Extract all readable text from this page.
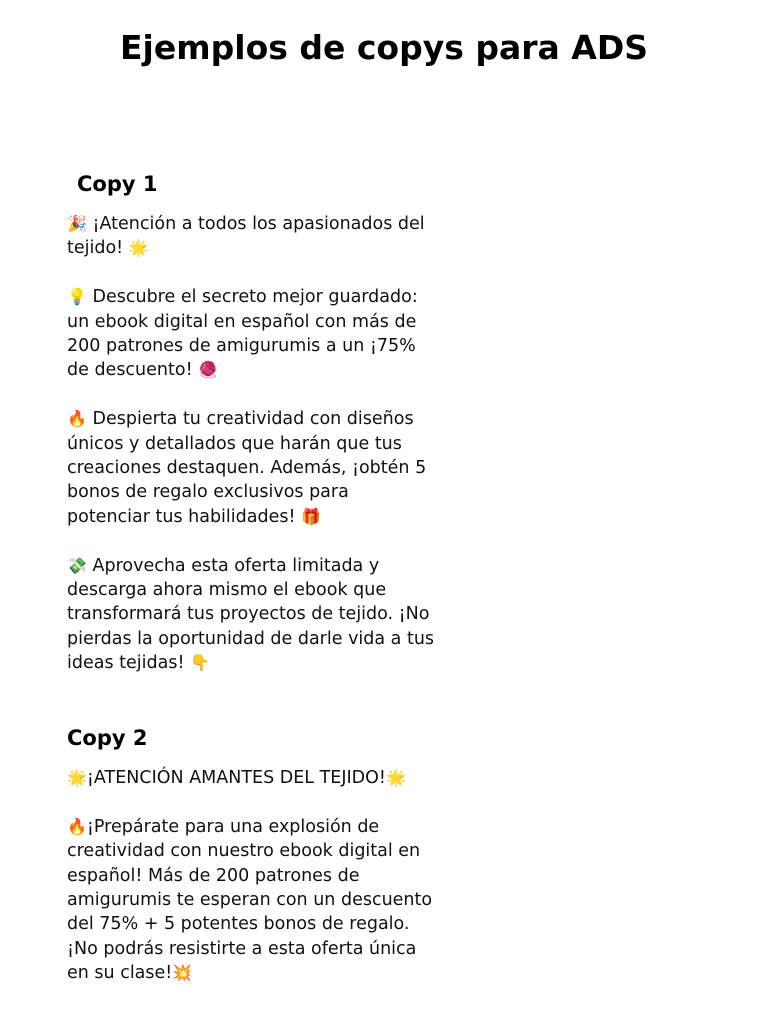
Ejemplos de copys para ADS
Copy 1

🎉 ¡Atención a todos los apasionados del tejido! 🌟

💡 Descubre el secreto mejor guardado: un ebook digital en español con más de 200 patrones de amigurumis a un ¡75% de descuento! 🧶

🔥 Despierta tu creatividad con diseños únicos y detallados que harán que tus creaciones destaquen. Además, ¡obtén 5 bonos de regalo exclusivos para potenciar tus habilidades! 🎁

💸 Aprovecha esta oferta limitada y descarga ahora mismo el ebook que transformará tus proyectos de tejido. ¡No pierdas la oportunidad de darle vida a tus ideas tejidas! 👇

Copy 2

🌟¡ATENCIÓN AMANTES DEL TEJIDO!🌟

🔥¡Prepárate para una explosión de creatividad con nuestro ebook digital en español! Más de 200 patrones de amigurumis te esperan con un descuento del 75% + 5 potentes bonos de regalo. ¡No podrás resistirte a esta oferta única en su clase!💥
